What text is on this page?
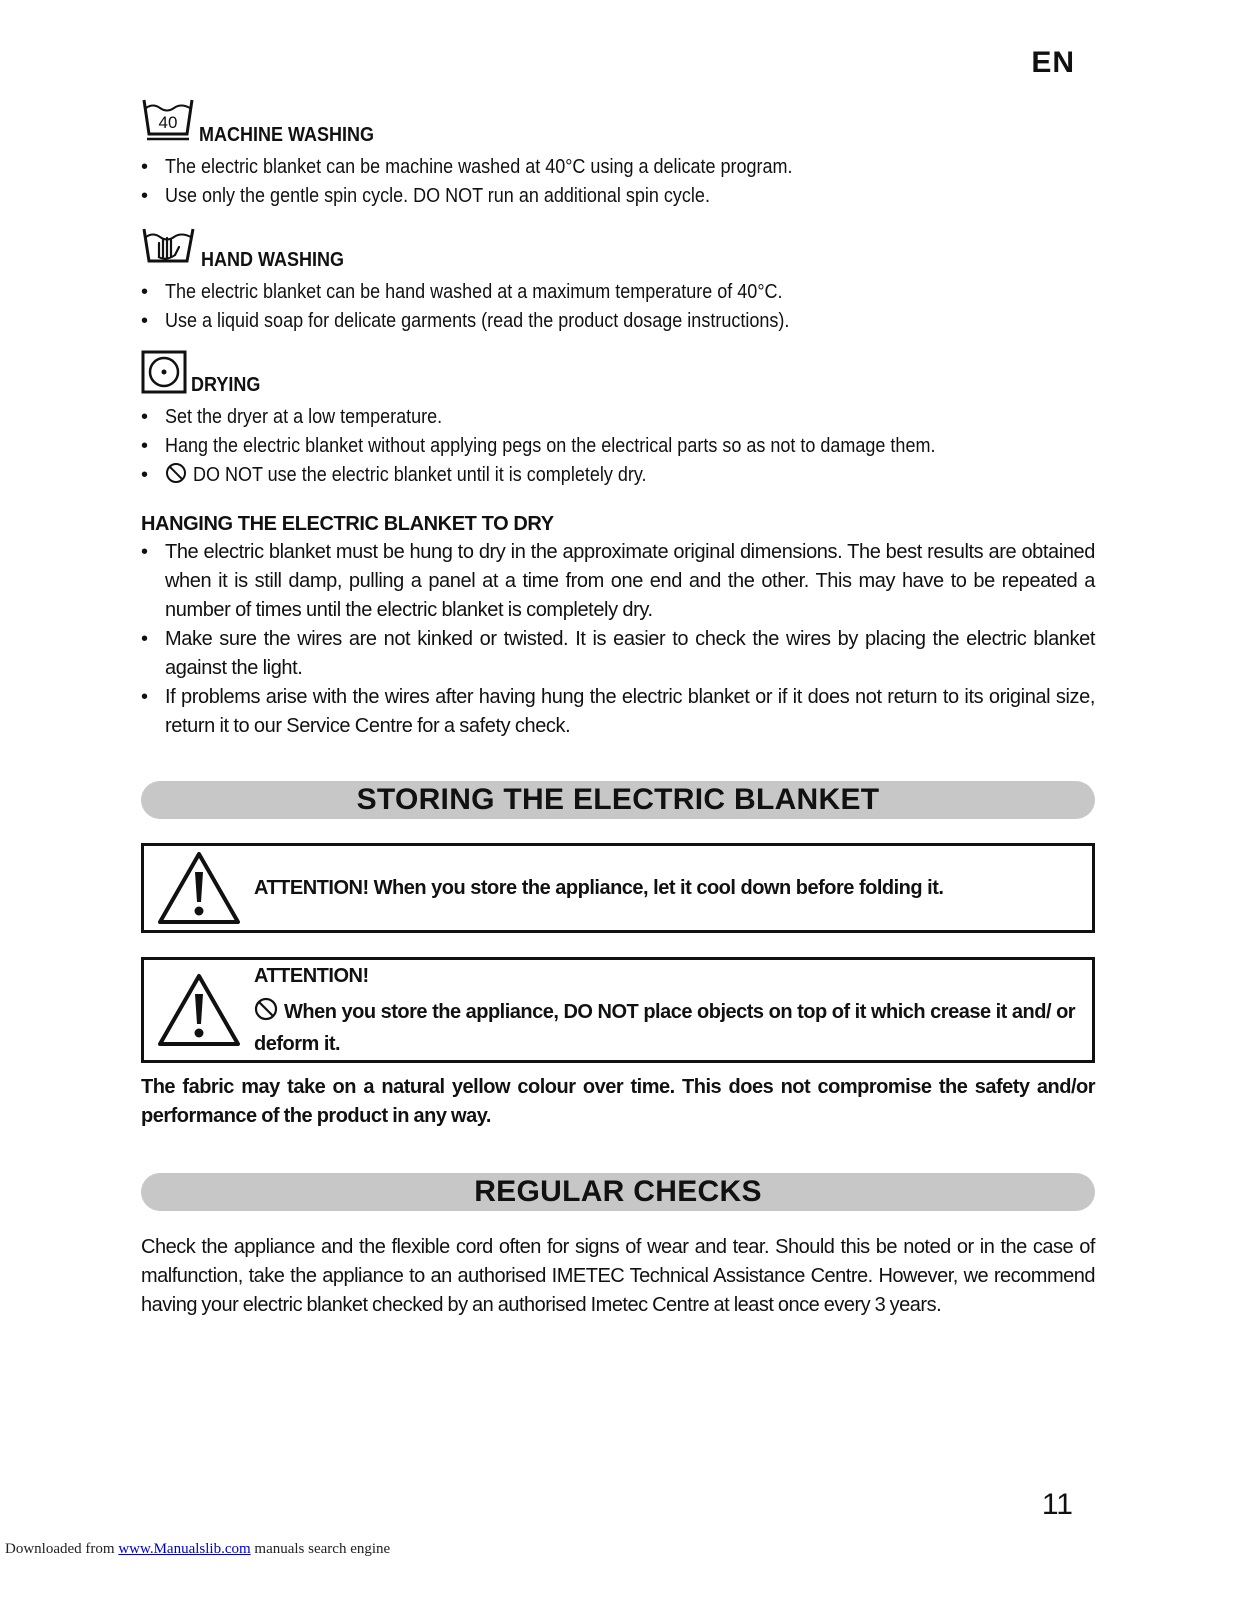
EN
40
MACHINE WASHING
• The electric blanket can be machine washed at 40°C using a delicate program.
• Use only the gentle spin cycle. DO NOT run an additional spin cycle.
HAND WASHING
• The electric blanket can be hand washed at a maximum temperature of 40°C.
• Use a liquid soap for delicate garments (read the product dosage instructions).
DRYING
• Set the dryer at a low temperature.
• Hang the electric blanket without applying pegs on the electrical parts so as not to damage them.
• DO NOT use the electric blanket until it is completely dry.
HANGING THE ELECTRIC BLANKET TO DRY
• The electric blanket must be hung to dry in the approximate original dimensions. The best results are obtained when it is still damp, pulling a panel at a time from one end and the other. This may have to be repeated a number of times until the electric blanket is completely dry.
• Make sure the wires are not kinked or twisted. It is easier to check the wires by placing the electric blanket against the light.
• If problems arise with the wires after having hung the electric blanket or if it does not return to its original size, return it to our Service Centre for a safety check.
STORING THE ELECTRIC BLANKET
ATTENTION! When you store the appliance, let it cool down before folding it.
ATTENTION!
When you store the appliance, DO NOT place objects on top of it which crease it and/ or deform it.
The fabric may take on a natural yellow colour over time. This does not compromise the safety and/or performance of the product in any way.
REGULAR CHECKS
Check the appliance and the flexible cord often for signs of wear and tear. Should this be noted or in the case of malfunction, take the appliance to an authorised IMETEC Technical Assistance Centre. However, we recommend having your electric blanket checked by an authorised Imetec Centre at least once every 3 years.
11
Downloaded from www.Manualslib.com manuals search engine
